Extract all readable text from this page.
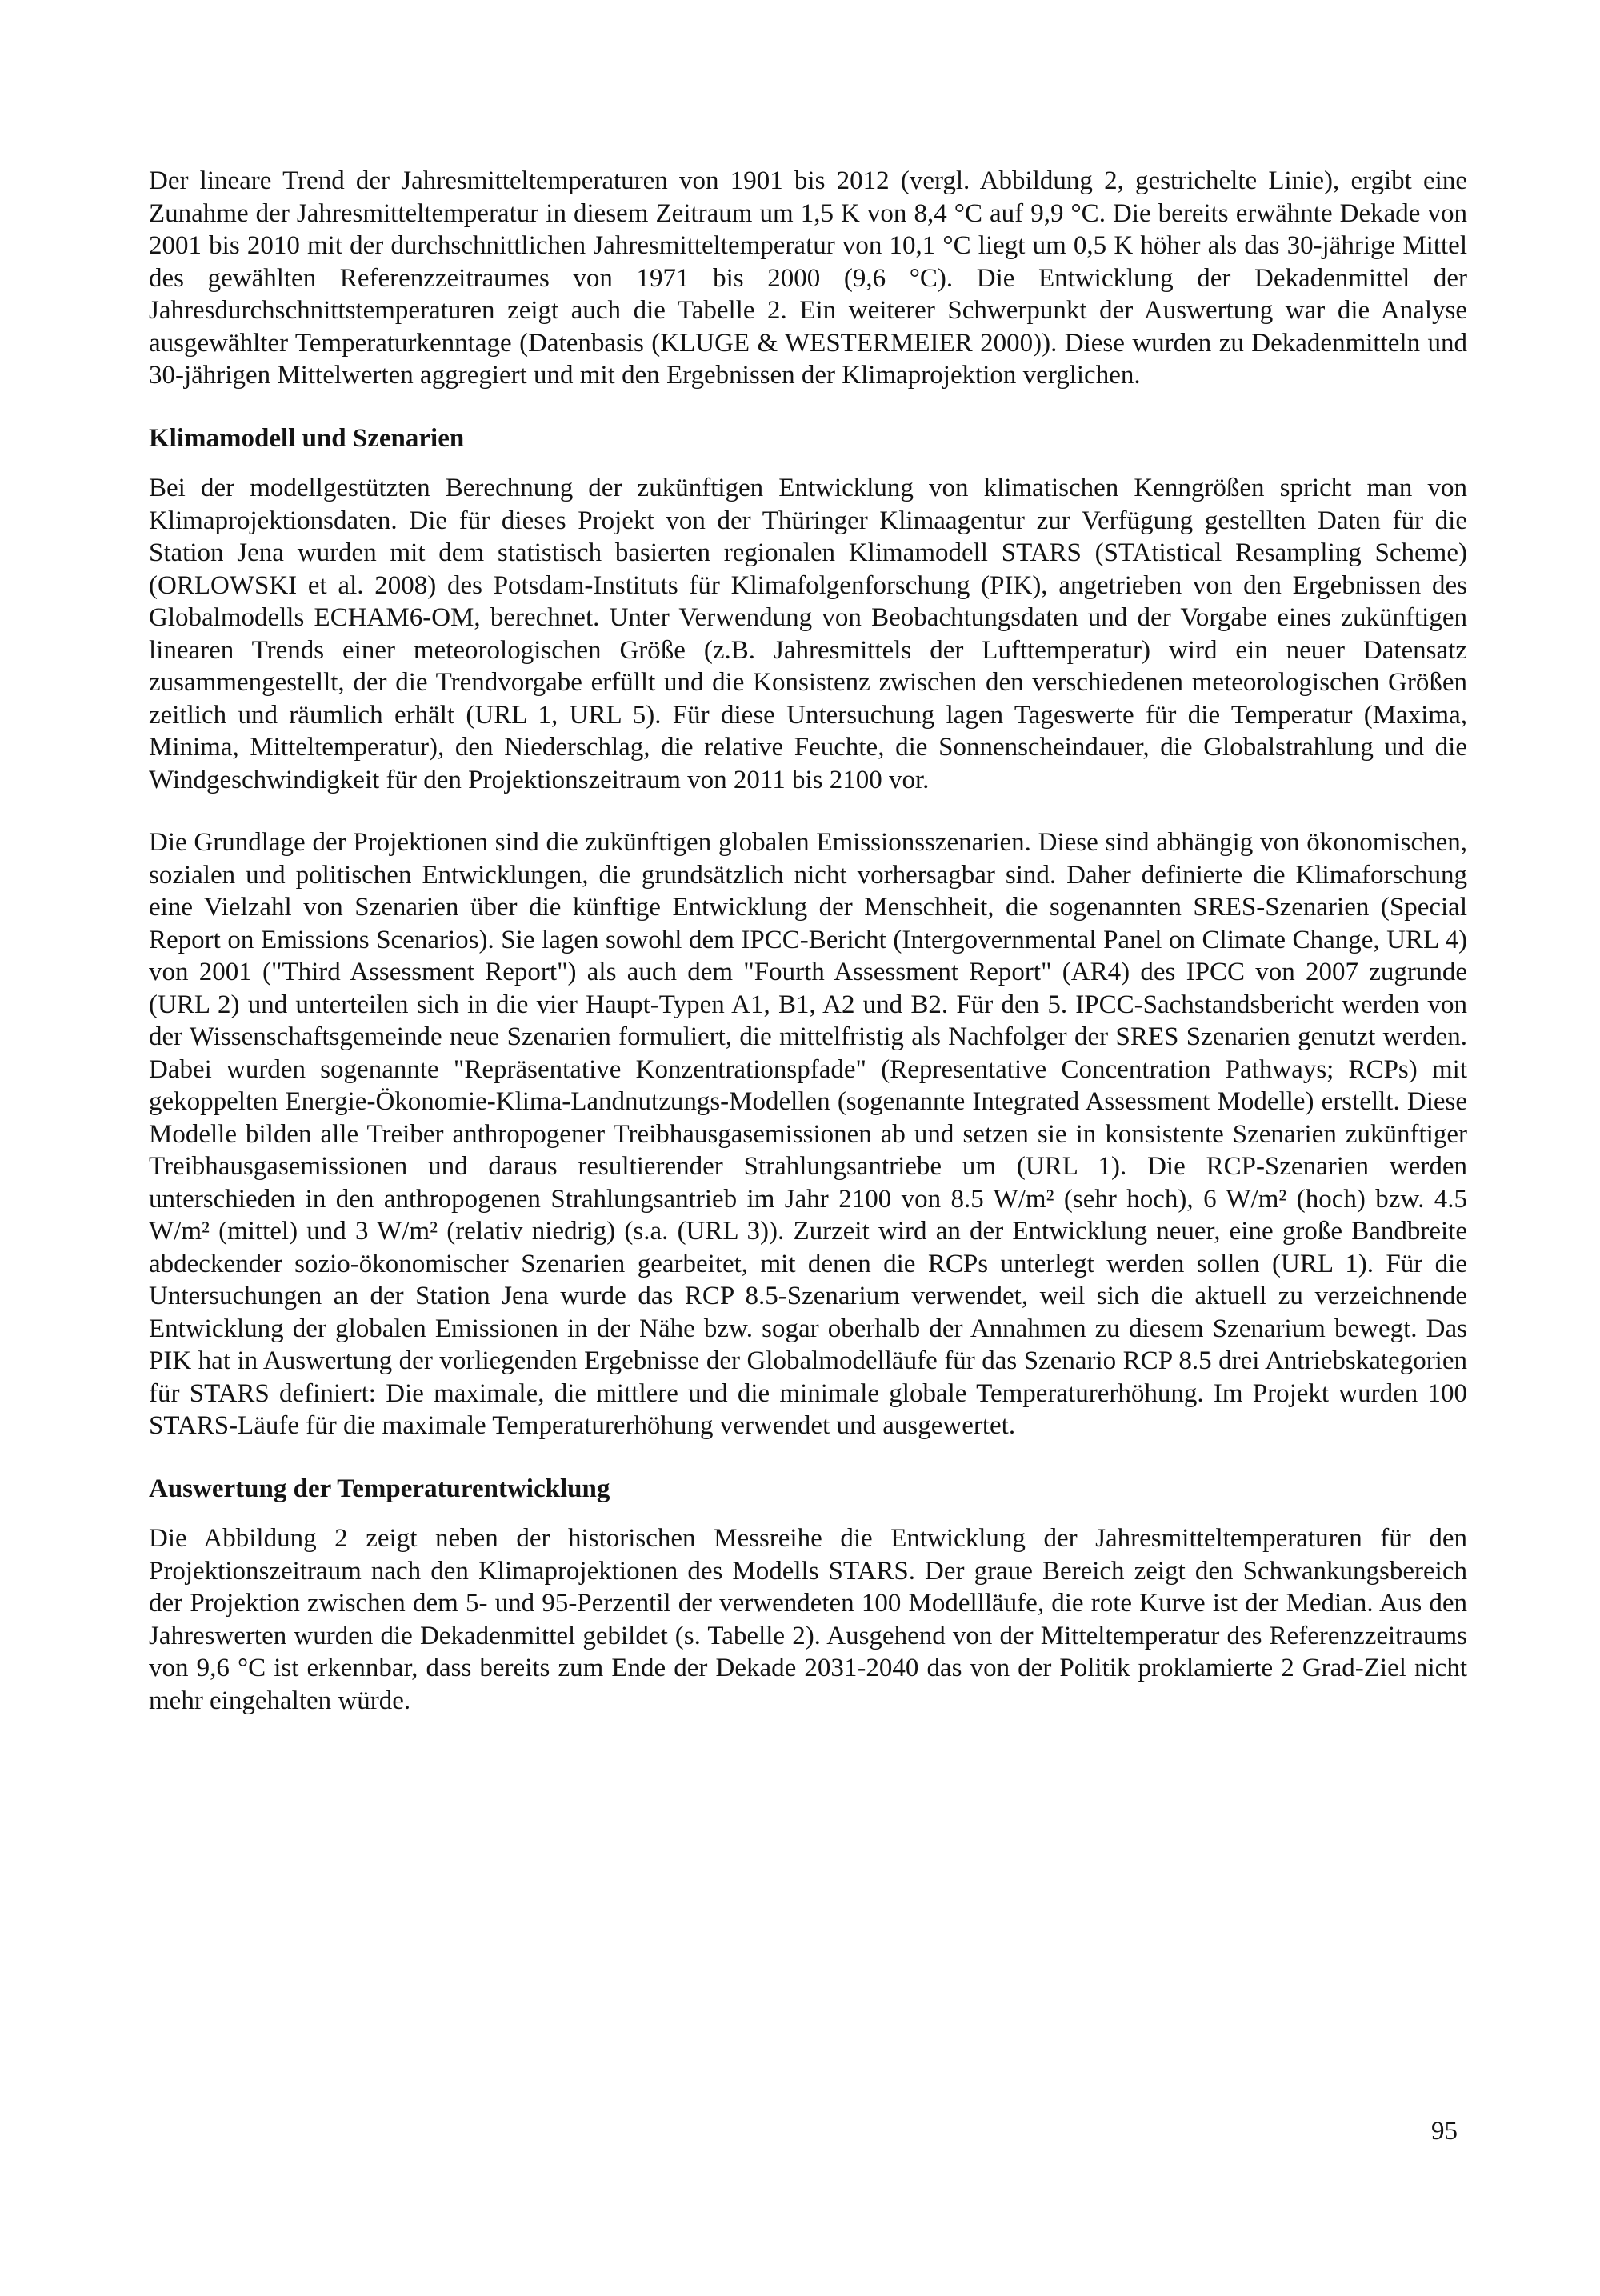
Der lineare Trend der Jahresmitteltemperaturen von 1901 bis 2012 (vergl. Abbildung 2, gestrichelte Linie), ergibt eine Zunahme der Jahresmitteltemperatur in diesem Zeitraum um 1,5 K von 8,4 °C auf 9,9 °C. Die bereits erwähnte Dekade von 2001 bis 2010 mit der durchschnittlichen Jahresmitteltemperatur von 10,1 °C liegt um 0,5 K höher als das 30-jährige Mittel des gewählten Referenzzeitraumes von 1971 bis 2000 (9,6 °C). Die Entwicklung der Dekadenmittel der Jahresdurchschnittstemperaturen zeigt auch die Tabelle 2. Ein weiterer Schwerpunkt der Auswertung war die Analyse ausgewählter Temperaturkenntage (Datenbasis (KLUGE & WESTERMEIER 2000)). Diese wurden zu Dekadenmitteln und 30-jährigen Mittelwerten aggregiert und mit den Ergebnissen der Klimaprojektion verglichen.

Klimamodell und Szenarien

Bei der modellgestützten Berechnung der zukünftigen Entwicklung von klimatischen Kenngrößen spricht man von Klimaprojektionsdaten. Die für dieses Projekt von der Thüringer Klimaagentur zur Verfügung gestellten Daten für die Station Jena wurden mit dem statistisch basierten regionalen Klimamodell STARS (STAtistical Resampling Scheme) (ORLOWSKI et al. 2008) des Potsdam-Instituts für Klimafolgenforschung (PIK), angetrieben von den Ergebnissen des Globalmodells ECHAM6-OM, berechnet. Unter Verwendung von Beobachtungsdaten und der Vorgabe eines zukünftigen linearen Trends einer meteorologischen Größe (z.B. Jahresmittels der Lufttemperatur) wird ein neuer Datensatz zusammengestellt, der die Trendvorgabe erfüllt und die Konsistenz zwischen den verschiedenen meteorologischen Größen zeitlich und räumlich erhält (URL 1, URL 5). Für diese Untersuchung lagen Tageswerte für die Temperatur (Maxima, Minima, Mitteltemperatur), den Niederschlag, die relative Feuchte, die Sonnenscheindauer, die Globalstrahlung und die Windgeschwindigkeit für den Projektionszeitraum von 2011 bis 2100 vor.

Die Grundlage der Projektionen sind die zukünftigen globalen Emissionsszenarien. Diese sind abhängig von ökonomischen, sozialen und politischen Entwicklungen, die grundsätzlich nicht vorhersagbar sind. Daher definierte die Klimaforschung eine Vielzahl von Szenarien über die künftige Entwicklung der Menschheit, die sogenannten SRES-Szenarien (Special Report on Emissions Scenarios). Sie lagen sowohl dem IPCC-Bericht (Intergovernmental Panel on Climate Change, URL 4) von 2001 ("Third Assessment Report") als auch dem "Fourth Assessment Report" (AR4) des IPCC von 2007 zugrunde (URL 2) und unterteilen sich in die vier Haupt-Typen A1, B1, A2 und B2. Für den 5. IPCC-Sachstandsbericht werden von der Wissenschaftsgemeinde neue Szenarien formuliert, die mittelfristig als Nachfolger der SRES Szenarien genutzt werden. Dabei wurden sogenannte "Repräsentative Konzentrationspfade" (Representative Concentration Pathways; RCPs) mit gekoppelten Energie-Ökonomie-Klima-Landnutzungs-Modellen (sogenannte Integrated Assessment Modelle) erstellt. Diese Modelle bilden alle Treiber anthropogener Treibhausgasemissionen ab und setzen sie in konsistente Szenarien zukünftiger Treibhausgasemissionen und daraus resultierender Strahlungsantriebe um (URL 1). Die RCP-Szenarien werden unterschieden in den anthropogenen Strahlungsantrieb im Jahr 2100 von 8.5 W/m² (sehr hoch), 6 W/m² (hoch) bzw. 4.5 W/m² (mittel) und 3 W/m² (relativ niedrig) (s.a. (URL 3)). Zurzeit wird an der Entwicklung neuer, eine große Bandbreite abdeckender sozio-ökonomischer Szenarien gearbeitet, mit denen die RCPs unterlegt werden sollen (URL 1). Für die Untersuchungen an der Station Jena wurde das RCP 8.5-Szenarium verwendet, weil sich die aktuell zu verzeichnende Entwicklung der globalen Emissionen in der Nähe bzw. sogar oberhalb der Annahmen zu diesem Szenarium bewegt. Das PIK hat in Auswertung der vorliegenden Ergebnisse der Globalmodelläufe für das Szenario RCP 8.5 drei Antriebskategorien für STARS definiert: Die maximale, die mittlere und die minimale globale Temperaturerhöhung. Im Projekt wurden 100 STARS-Läufe für die maximale Temperaturerhöhung verwendet und ausgewertet.

Auswertung der Temperaturentwicklung

Die Abbildung 2 zeigt neben der historischen Messreihe die Entwicklung der Jahresmitteltemperaturen für den Projektionszeitraum nach den Klimaprojektionen des Modells STARS. Der graue Bereich zeigt den Schwankungsbereich der Projektion zwischen dem 5- und 95-Perzentil der verwendeten 100 Modellläufe, die rote Kurve ist der Median. Aus den Jahreswerten wurden die Dekadenmittel gebildet (s. Tabelle 2). Ausgehend von der Mitteltemperatur des Referenzzeitraums von 9,6 °C ist erkennbar, dass bereits zum Ende der Dekade 2031-2040 das von der Politik proklamierte 2 Grad-Ziel nicht mehr eingehalten würde.

95
